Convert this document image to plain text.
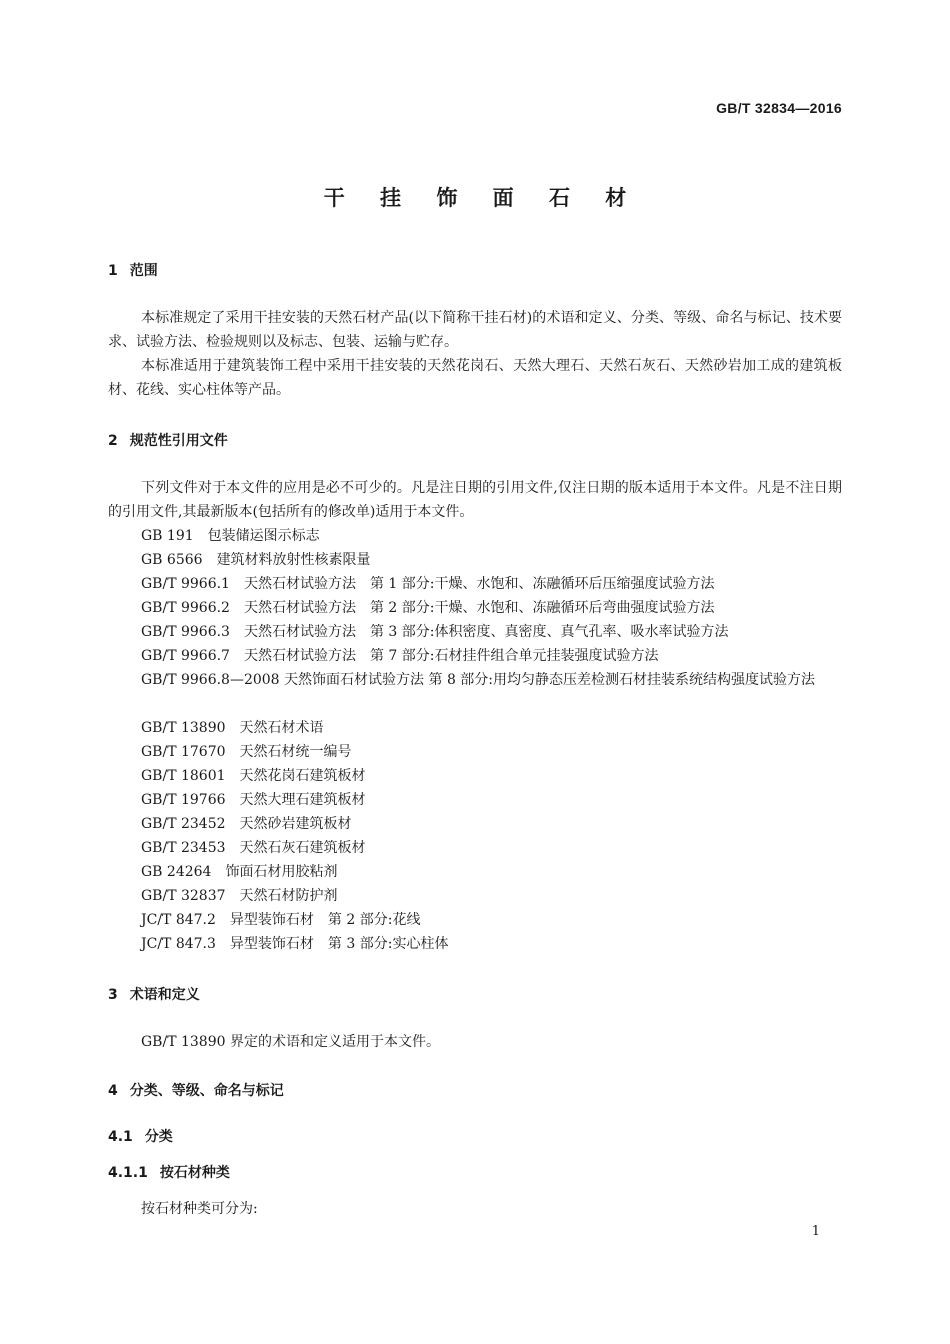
GB/T 32834—2016
干 挂 饰 面 石 材
1 范围
本标准规定了采用干挂安装的天然石材产品(以下简称干挂石材)的术语和定义、分类、等级、命名与标记、技术要求、试验方法、检验规则以及标志、包装、运输与贮存。
本标准适用于建筑装饰工程中采用干挂安装的天然花岗石、天然大理石、天然石灰石、天然砂岩加工成的建筑板材、花线、实心柱体等产品。
2 规范性引用文件
下列文件对于本文件的应用是必不可少的。凡是注日期的引用文件,仅注日期的版本适用于本文件。凡是不注日期的引用文件,其最新版本(包括所有的修改单)适用于本文件。
GB 191 包装储运图示标志
GB 6566 建筑材料放射性核素限量
GB/T 9966.1 天然石材试验方法 第 1 部分:干燥、水饱和、冻融循环后压缩强度试验方法
GB/T 9966.2 天然石材试验方法 第 2 部分:干燥、水饱和、冻融循环后弯曲强度试验方法
GB/T 9966.3 天然石材试验方法 第 3 部分:体积密度、真密度、真气孔率、吸水率试验方法
GB/T 9966.7 天然石材试验方法 第 7 部分:石材挂件组合单元挂装强度试验方法
GB/T 9966.8—2008 天然饰面石材试验方法 第 8 部分:用均匀静态压差检测石材挂装系统结构强度试验方法
GB/T 13890 天然石材术语
GB/T 17670 天然石材统一编号
GB/T 18601 天然花岗石建筑板材
GB/T 19766 天然大理石建筑板材
GB/T 23452 天然砂岩建筑板材
GB/T 23453 天然石灰石建筑板材
GB 24264 饰面石材用胶粘剂
GB/T 32837 天然石材防护剂
JC/T 847.2 异型装饰石材 第 2 部分:花线
JC/T 847.3 异型装饰石材 第 3 部分:实心柱体
3 术语和定义
GB/T 13890 界定的术语和定义适用于本文件。
4 分类、等级、命名与标记
4.1 分类
4.1.1 按石材种类
按石材种类可分为:
1
